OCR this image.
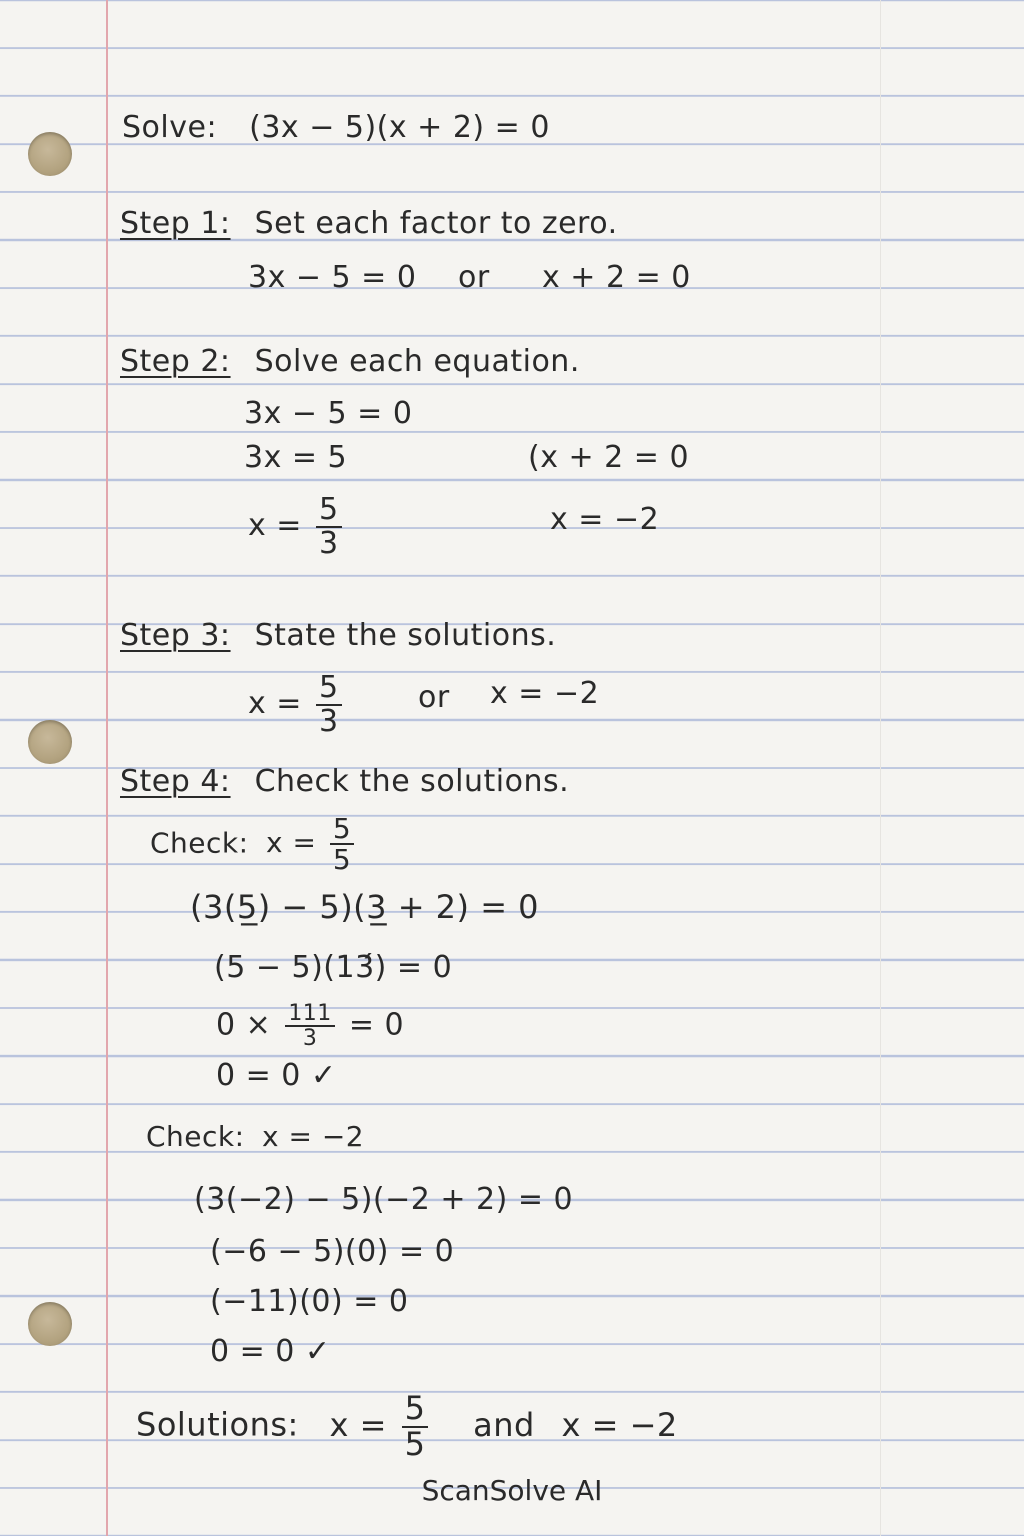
Solve: (3x − 5)(x + 2) = 0
Step 1: Set each factor to zero.
3x − 5 = 0 or x + 2 = 0
Step 2: Solve each equation.
3x − 5 = 0
3x = 5
$x = \frac{5}{3}$
(x + 2 = 0
x = −2
Step 3: State the solutions.
$x = \frac{5}{3}$	or x = −2
Step 4: Check the solutions.
Check: $x = \frac{5}{5}$
(3(5̲) − 5)(3̲ + 2) = 0
(5 − 5)(13́) = 0
$0 \times \frac{111}{3} = 0$
0 = 0 ✓
Check: x = −2
(3(−2) − 5)(−2 + 2) = 0
(−6 − 5)(0) = 0
(−11)(0) = 0
0 = 0 ✓
Solutions: $x = \frac{5}{5}$ and x = −2
ScanSolve AI
